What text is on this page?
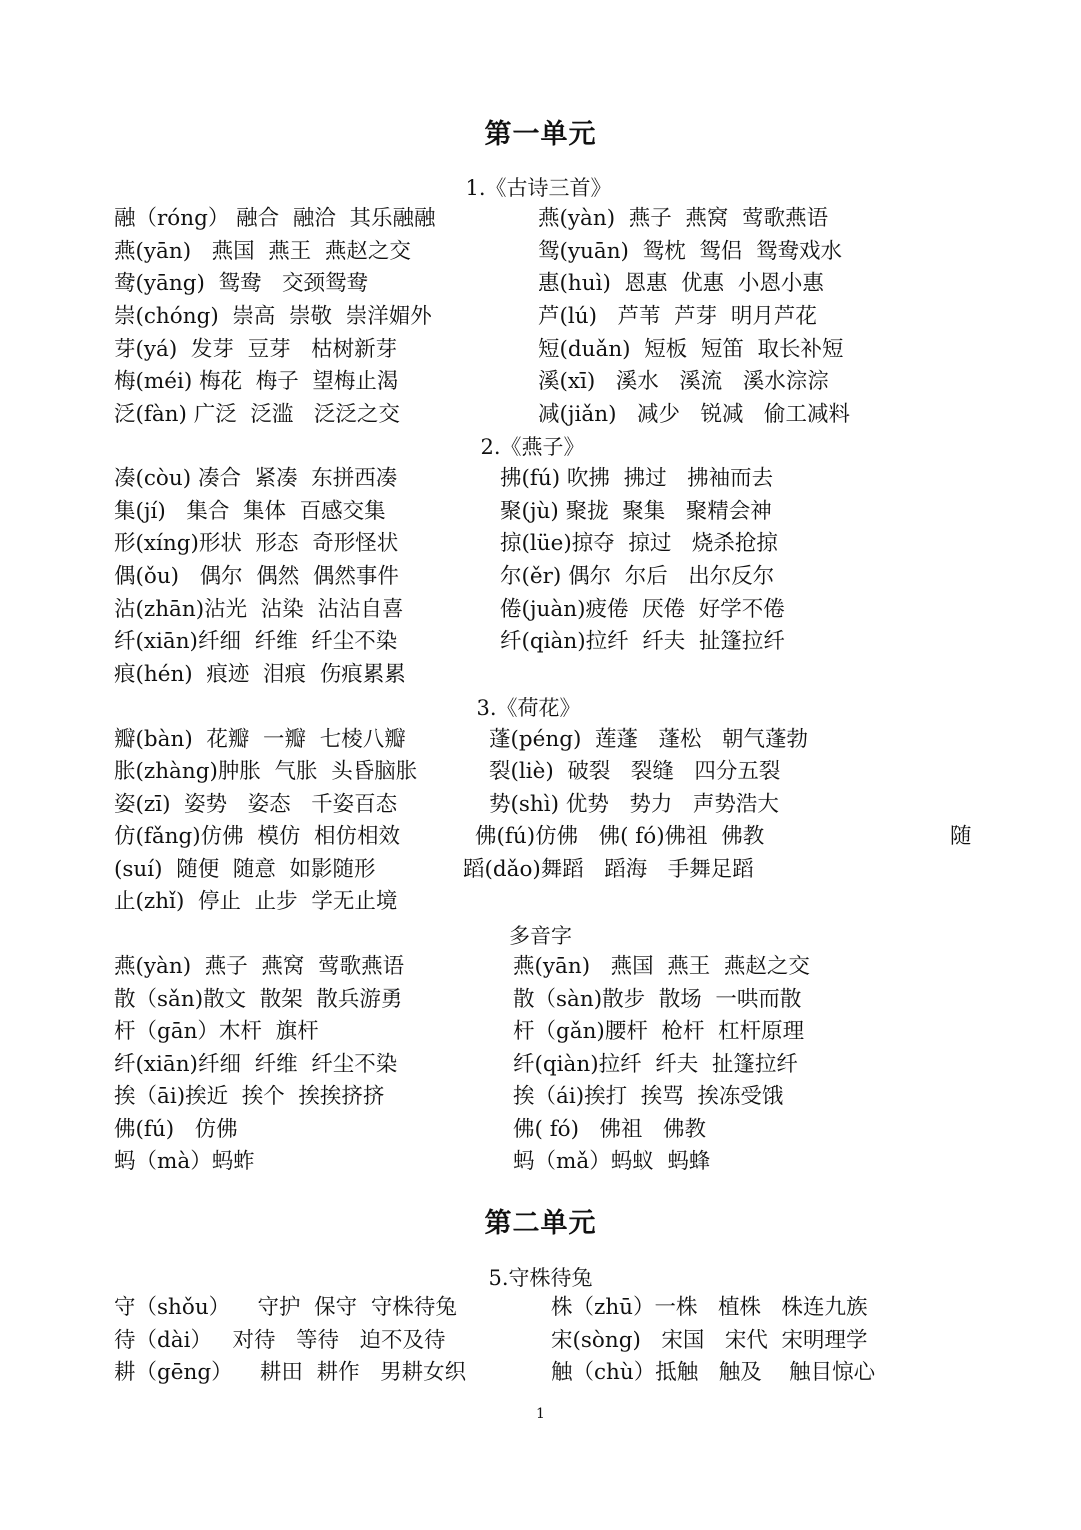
第一单元
1.《古诗三首》
融（róng） 融合  融洽  其乐融融
燕(yān)   燕国  燕王  燕赵之交
鸯(yāng)  鸳鸯   交颈鸳鸯
崇(chóng)  崇高  崇敬  崇洋媚外
芽(yá)  发芽  豆芽   枯树新芽
梅(méi) 梅花  梅子  望梅止渴
泛(fàn) 广泛  泛滥   泛泛之交
燕(yàn)  燕子  燕窝  莺歌燕语
鸳(yuān)  鸳枕  鸳侣  鸳鸯戏水
惠(huì)  恩惠  优惠  小恩小惠
芦(lú)   芦苇  芦芽  明月芦花
短(duǎn)  短板  短笛  取长补短
溪(xī)   溪水   溪流   溪水淙淙
减(jiǎn)   减少   锐减   偷工减料
2.《燕子》
凑(còu) 凑合  紧凑  东拼西凑
集(jí)   集合  集体  百感交集
形(xíng)形状  形态  奇形怪状
偶(ǒu)   偶尔  偶然  偶然事件
沾(zhān)沾光  沾染  沾沾自喜
纤(xiān)纤细  纤维  纤尘不染
痕(hén)  痕迹  泪痕  伤痕累累
拂(fú) 吹拂  拂过   拂袖而去
聚(jù) 聚拢  聚集   聚精会神
掠(lüe)掠夺  掠过   烧杀抢掠
尔(ěr) 偶尔  尔后   出尔反尔
倦(juàn)疲倦  厌倦  好学不倦
纤(qiàn)拉纤  纤夫  扯篷拉纤
3.《荷花》
瓣(bàn)  花瓣  一瓣  七棱八瓣
胀(zhàng)肿胀  气胀  头昏脑胀
姿(zī)  姿势   姿态   千姿百态
仿(fǎng)仿佛  模仿  相仿相效
(suí)  随便  随意  如影随形
止(zhǐ)  停止  止步  学无止境
蓬(péng)  莲蓬   蓬松   朝气蓬勃
裂(liè)  破裂   裂缝   四分五裂
势(shì) 优势   势力   声势浩大
佛(fú)仿佛   佛( fó)佛祖  佛教
蹈(dǎo)舞蹈   蹈海   手舞足蹈
随
多音字
燕(yàn)  燕子  燕窝  莺歌燕语
散（sǎn)散文  散架  散兵游勇
杆（gān）木杆  旗杆
纤(xiān)纤细  纤维  纤尘不染
挨（āi)挨近  挨个  挨挨挤挤
佛(fú)   仿佛
蚂（mà）蚂蚱
燕(yān)   燕国  燕王  燕赵之交
散（sàn)散步  散场  一哄而散
杆（gǎn)腰杆  枪杆  杠杆原理
纤(qiàn)拉纤  纤夫  扯篷拉纤
挨（ái)挨打  挨骂  挨冻受饿
佛( fó)   佛祖   佛教
蚂（mǎ）蚂蚁  蚂蜂
第二单元
5.守株待兔
守（shǒu）    守护  保守  守株待兔
待（dài）   对待   等待   迫不及待
耕（gēng）    耕田  耕作   男耕女织
株（zhū）一株   植株   株连九族
宋(sòng)   宋国   宋代  宋明理学
触（chù）抵触   触及    触目惊心
1
